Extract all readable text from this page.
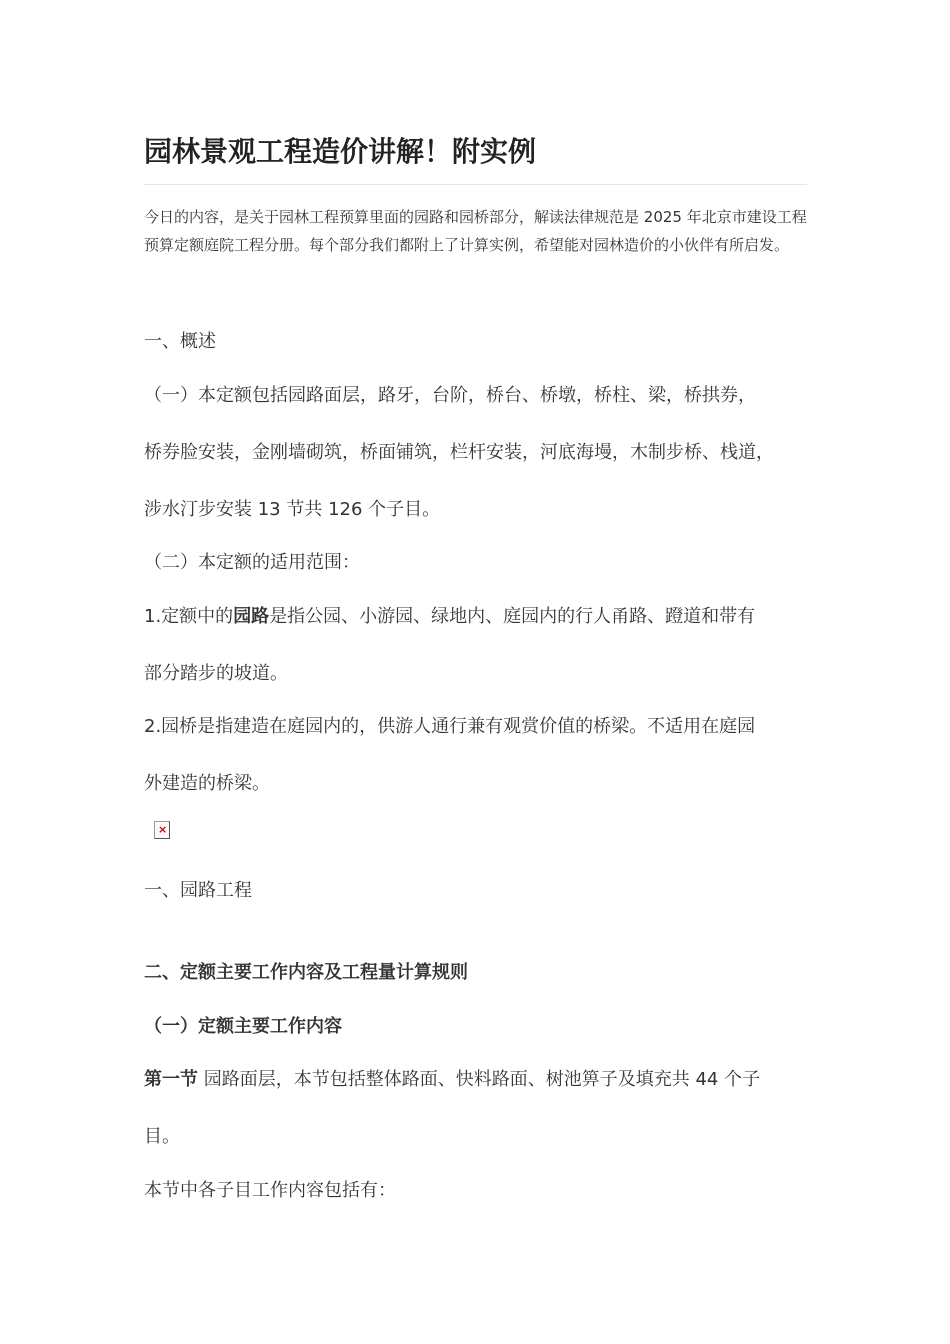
园林景观工程造价讲解！附实例

今日的内容，是关于园林工程预算里面的园路和园桥部分，解读法律规范是 2025 年北京市建设工程预算定额庭院工程分册。每个部分我们都附上了计算实例，希望能对园林造价的小伙伴有所启发。

一、概述

（一）本定额包括园路面层，路牙，台阶，桥台、桥墩，桥柱、梁，桥拱券，

桥券脸安装，金刚墙砌筑，桥面铺筑，栏杆安装，河底海墁，木制步桥、栈道，

涉水汀步安装 13 节共 126 个子目。

（二）本定额的适用范围：

1.定额中的园路是指公园、小游园、绿地内、庭园内的行人甬路、蹬道和带有

部分踏步的坡道。

2.园桥是指建造在庭园内的，供游人通行兼有观赏价值的桥梁。不适用在庭园

外建造的桥梁。

×

一、园路工程

二、定额主要工作内容及工程量计算规则

（一）定额主要工作内容

第一节 园路面层，本节包括整体路面、快料路面、树池箅子及填充共 44 个子

目。

本节中各子目工作内容包括有：
